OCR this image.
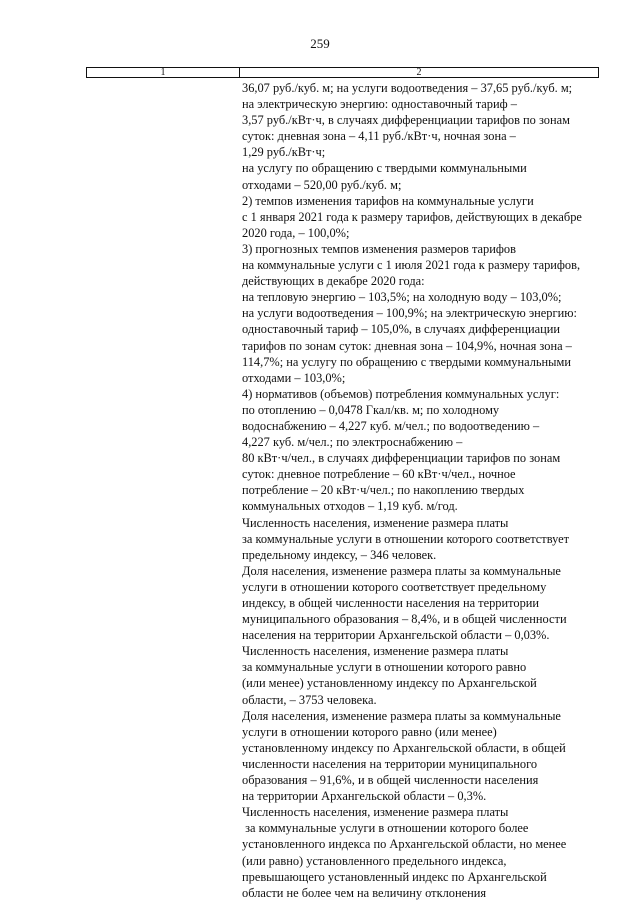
259
1	2
36,07 руб./куб. м; на услуги водоотведения – 37,65 руб./куб. м;
на электрическую энергию: одноставочный тариф –
3,57 руб./кВт·ч, в случаях дифференциации тарифов по зонам
суток: дневная зона – 4,11 руб./кВт·ч, ночная зона –
1,29 руб./кВт·ч;
на услугу по обращению с твердыми коммунальными
отходами – 520,00 руб./куб. м;
2) темпов изменения тарифов на коммунальные услуги
с 1 января 2021 года к размеру тарифов, действующих в декабре
2020 года, – 100,0%;
3) прогнозных темпов изменения размеров тарифов
на коммунальные услуги с 1 июля 2021 года к размеру тарифов,
действующих в декабре 2020 года:
на тепловую энергию – 103,5%; на холодную воду – 103,0%;
на услуги водоотведения – 100,9%; на электрическую энергию:
одноставочный тариф – 105,0%, в случаях дифференциации
тарифов по зонам суток: дневная зона – 104,9%, ночная зона –
114,7%; на услугу по обращению с твердыми коммунальными
отходами – 103,0%;
4) нормативов (объемов) потребления коммунальных услуг:
по отоплению – 0,0478 Гкал/кв. м; по холодному
водоснабжению – 4,227 куб. м/чел.; по водоотведению –
4,227 куб. м/чел.; по электроснабжению –
80 кВт·ч/чел., в случаях дифференциации тарифов по зонам
суток: дневное потребление – 60 кВт·ч/чел., ночное
потребление – 20 кВт·ч/чел.; по накоплению твердых
коммунальных отходов – 1,19 куб. м/год.
Численность населения, изменение размера платы
за коммунальные услуги в отношении которого соответствует
предельному индексу, – 346 человек.
Доля населения, изменение размера платы за коммунальные
услуги в отношении которого соответствует предельному
индексу, в общей численности населения на территории
муниципального образования – 8,4%, и в общей численности
населения на территории Архангельской области – 0,03%.
Численность населения, изменение размера платы
за коммунальные услуги в отношении которого равно
(или менее) установленному индексу по Архангельской
области, – 3753 человека.
Доля населения, изменение размера платы за коммунальные
услуги в отношении которого равно (или менее)
установленному индексу по Архангельской области, в общей
численности населения на территории муниципального
образования – 91,6%, и в общей численности населения
на территории Архангельской области – 0,3%.
Численность населения, изменение размера платы
за коммунальные услуги в отношении которого более
установленного индекса по Архангельской области, но менее
(или равно) установленного предельного индекса,
превышающего установленный индекс по Архангельской
области не более чем на величину отклонения
